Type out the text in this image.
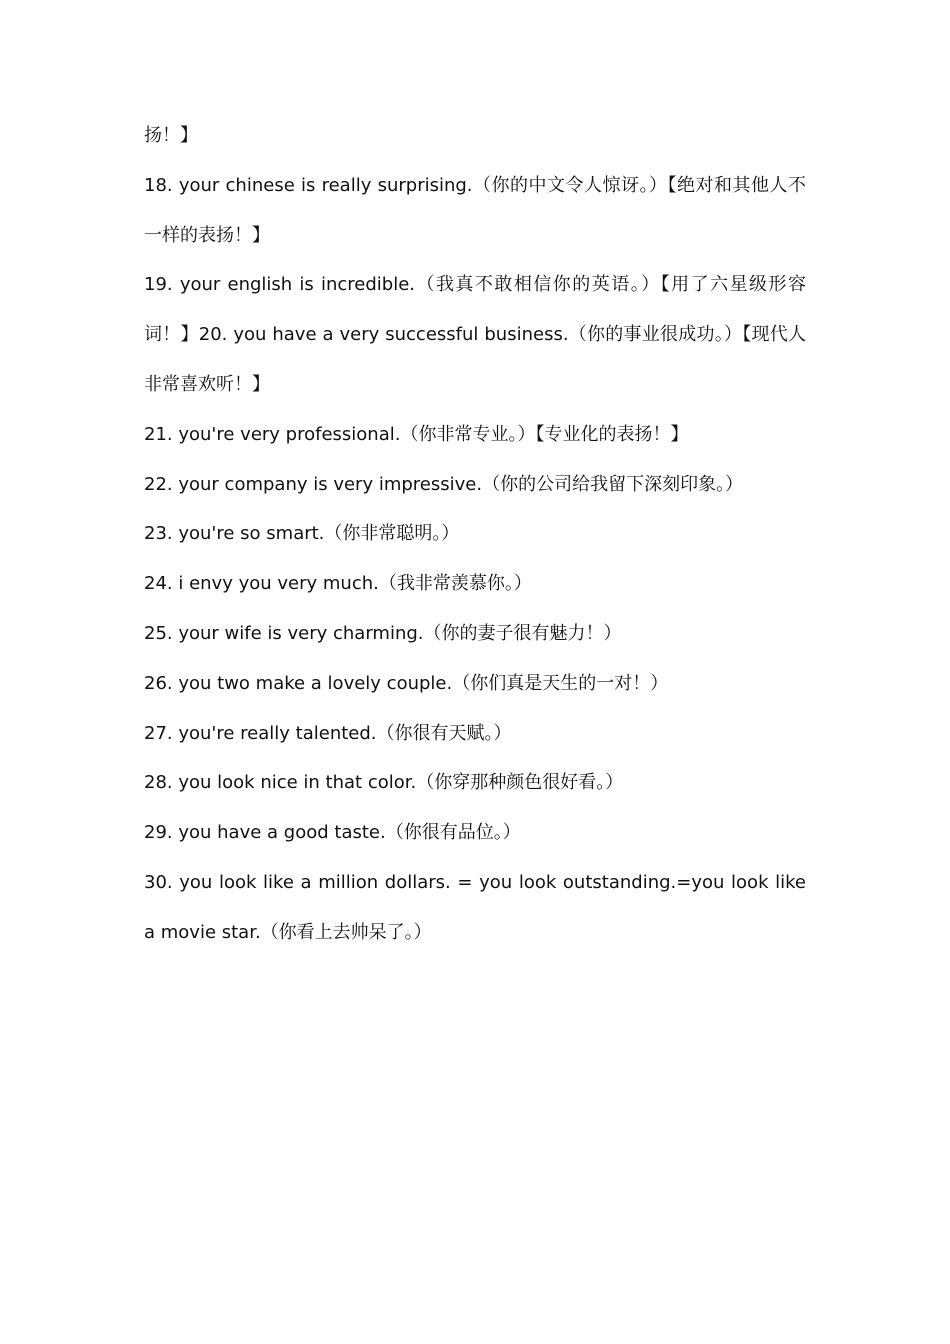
扬！】

18. your chinese is really surprising.（你的中文令人惊讶。）【绝对和其他人不一样的表扬！】

19. your english is incredible.（我真不敢相信你的英语。）【用了六星级形容词！】20. you have a very successful business.（你的事业很成功。）【现代人非常喜欢听！】

21. you're very professional.（你非常专业。）【专业化的表扬！】

22. your company is very impressive.（你的公司给我留下深刻印象。）

23. you're so smart.（你非常聪明。）

24. i envy you very much.（我非常羡慕你。）

25. your wife is very charming.（你的妻子很有魅力！）

26. you two make a lovely couple.（你们真是天生的一对！）

27. you're really talented.（你很有天赋。）

28. you look nice in that color.（你穿那种颜色很好看。）

29. you have a good taste.（你很有品位。）

30. you look like a million dollars. = you look outstanding.=you look like a movie star.（你看上去帅呆了。）
